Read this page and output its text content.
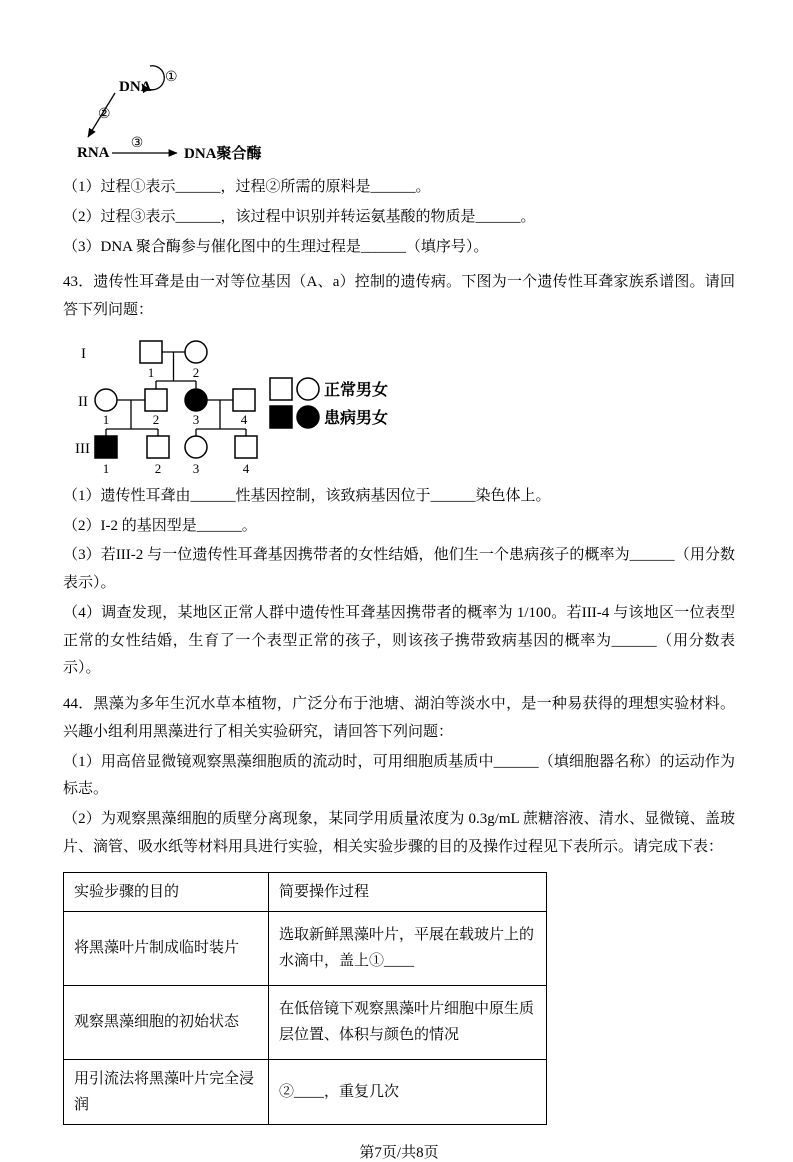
DNA
①
②
RNA
③
DNA聚合酶

（1）过程①表示______，过程②所需的原料是______。

（2）过程③表示______，该过程中识别并转运氨基酸的物质是______。

（3）DNA 聚合酶参与催化图中的生理过程是______（填序号）。

43．遗传性耳聋是由一对等位基因（A、a）控制的遗传病。下图为一个遗传性耳聋家族系谱图。请回答下列问题：

I
II
III
1	2
1	2	3	4
1	2 3	4
正常男女
患病男女

（1）遗传性耳聋由______性基因控制，该致病基因位于______染色体上。

（2）I-2 的基因型是______。

（3）若III-2 与一位遗传性耳聋基因携带者的女性结婚，他们生一个患病孩子的概率为______（用分数表示）。

（4）调查发现，某地区正常人群中遗传性耳聋基因携带者的概率为 1/100。若III-4 与该地区一位表型正常的女性结婚，生育了一个表型正常的孩子，则该孩子携带致病基因的概率为______（用分数表示）。

44．黑藻为多年生沉水草本植物，广泛分布于池塘、湖泊等淡水中，是一种易获得的理想实验材料。兴趣小组利用黑藻进行了相关实验研究，请回答下列问题：

（1）用高倍显微镜观察黑藻细胞质的流动时，可用细胞质基质中______（填细胞器名称）的运动作为标志。

（2）为观察黑藻细胞的质壁分离现象，某同学用质量浓度为 0.3g/mL 蔗糖溶液、清水、显微镜、盖玻片、滴管、吸水纸等材料用具进行实验，相关实验步骤的目的及操作过程见下表所示。请完成下表：

实验步骤的目的	简要操作过程
将黑藻叶片制成临时装片	选取新鲜黑藻叶片，平展在载玻片上的水滴中，盖上①____
观察黑藻细胞的初始状态	在低倍镜下观察黑藻叶片细胞中原生质层位置、体积与颜色的情况
用引流法将黑藻叶片完全浸润	②____，重复几次
第7页/共8页
